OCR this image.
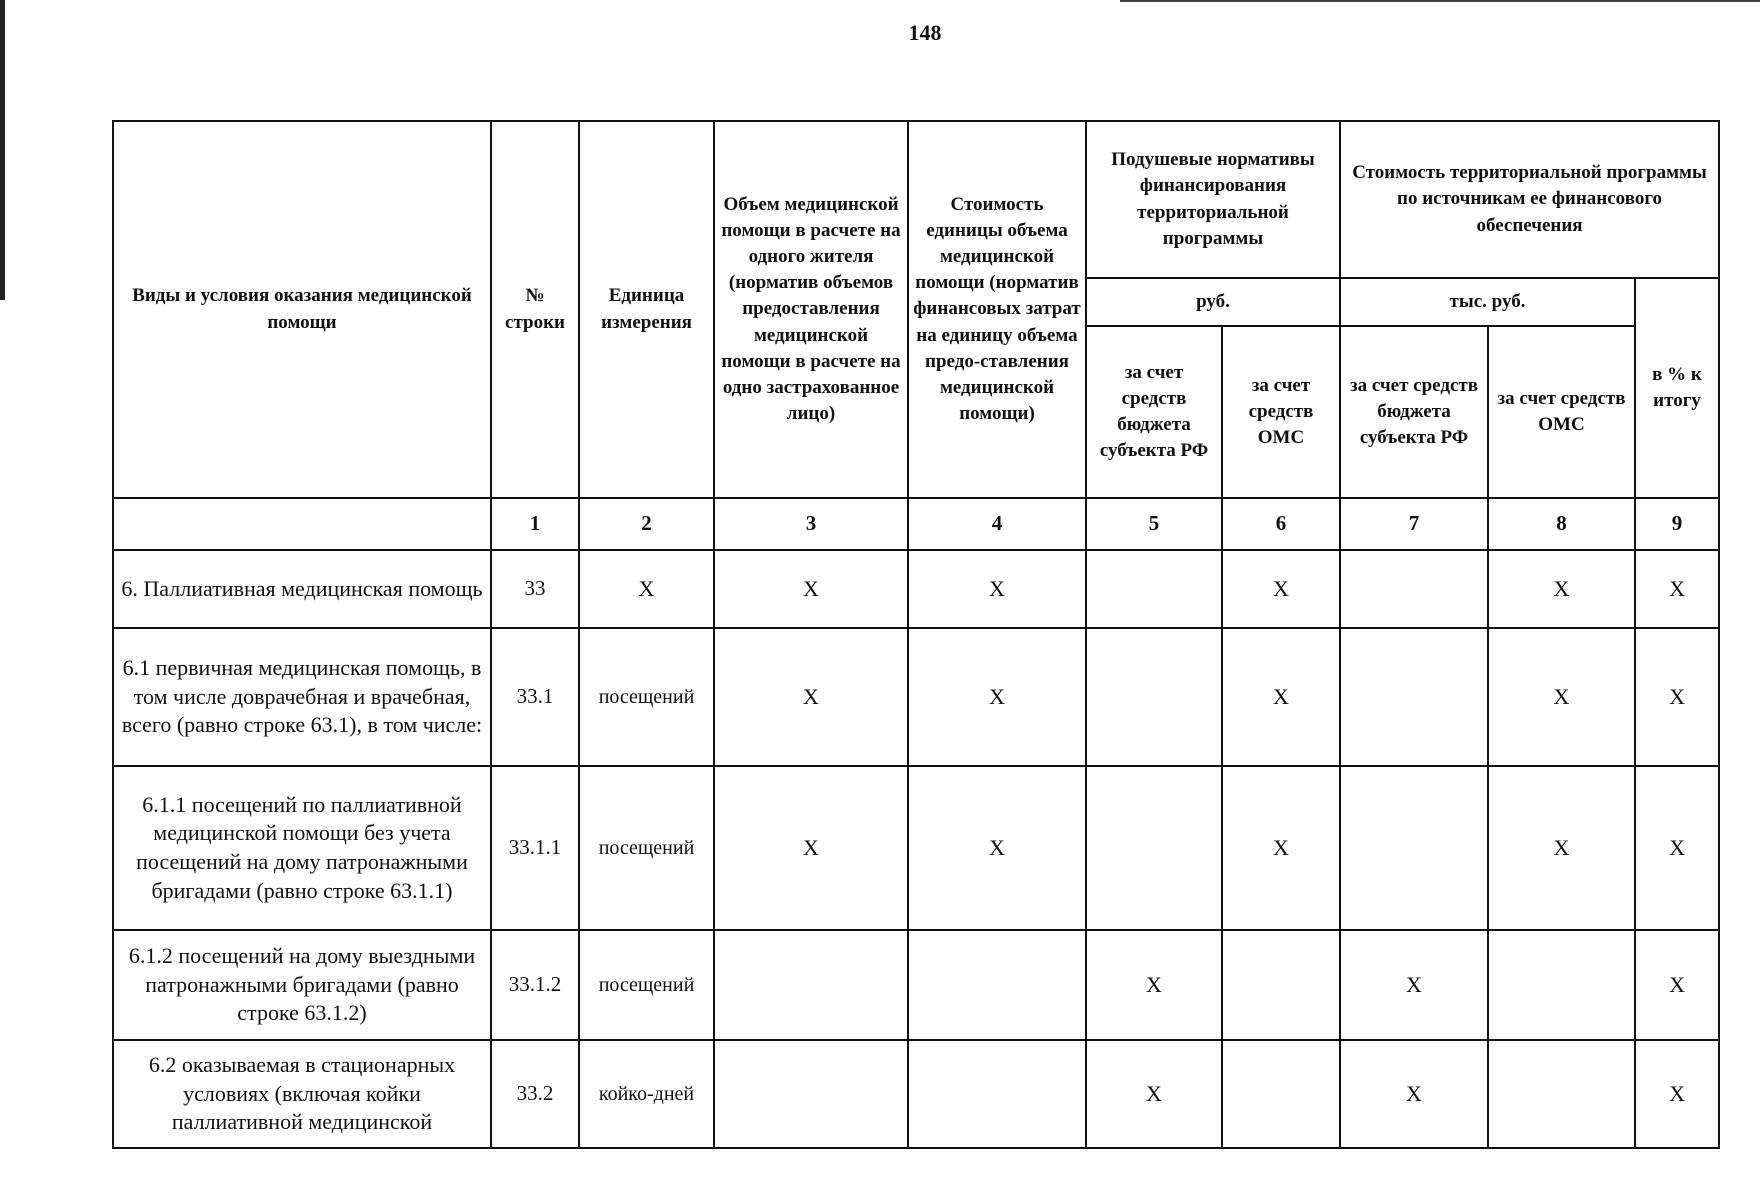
148
Виды и условия оказания медицинской помощи	№ строки	Единица измерения	Объем медицинской помощи в расчете на одного жителя (норматив объемов предоставления медицинской помощи в расчете на одно застрахованное лицо)	Стоимость единицы объема медицинской помощи (норматив финансовых затрат на единицу объема предо-ставления медицинской помощи)	Подушевые нормативы финансирования территориальной программы		Стоимость территориальной программы по источникам ее финансового обеспечения		
					руб.		тыс. руб.		в % к итогу
					за счет средств бюджета субъекта РФ	за счет средств ОМС	за счет средств бюджета субъекта РФ	за счет средств ОМС	
	1	2	3	4	5	6	7	8	9
6. Паллиативная медицинская помощь	33	Х	Х	Х		Х		Х	Х
6.1 первичная медицинская помощь, в том числе доврачебная и врачебная, всего (равно строке 63.1), в том числе:	33.1	посещений	Х	Х		Х		Х	Х
6.1.1 посещений по паллиативной медицинской помощи без учета посещений на дому патронажными бригадами (равно строке 63.1.1)	33.1.1	посещений	Х	Х		Х		Х	Х
6.1.2 посещений на дому выездными патронажными бригадами (равно строке 63.1.2)	33.1.2	посещений			Х		Х		Х
6.2 оказываемая в стационарных условиях (включая койки паллиативной медицинской	33.2	койко-дней			Х		Х		Х
